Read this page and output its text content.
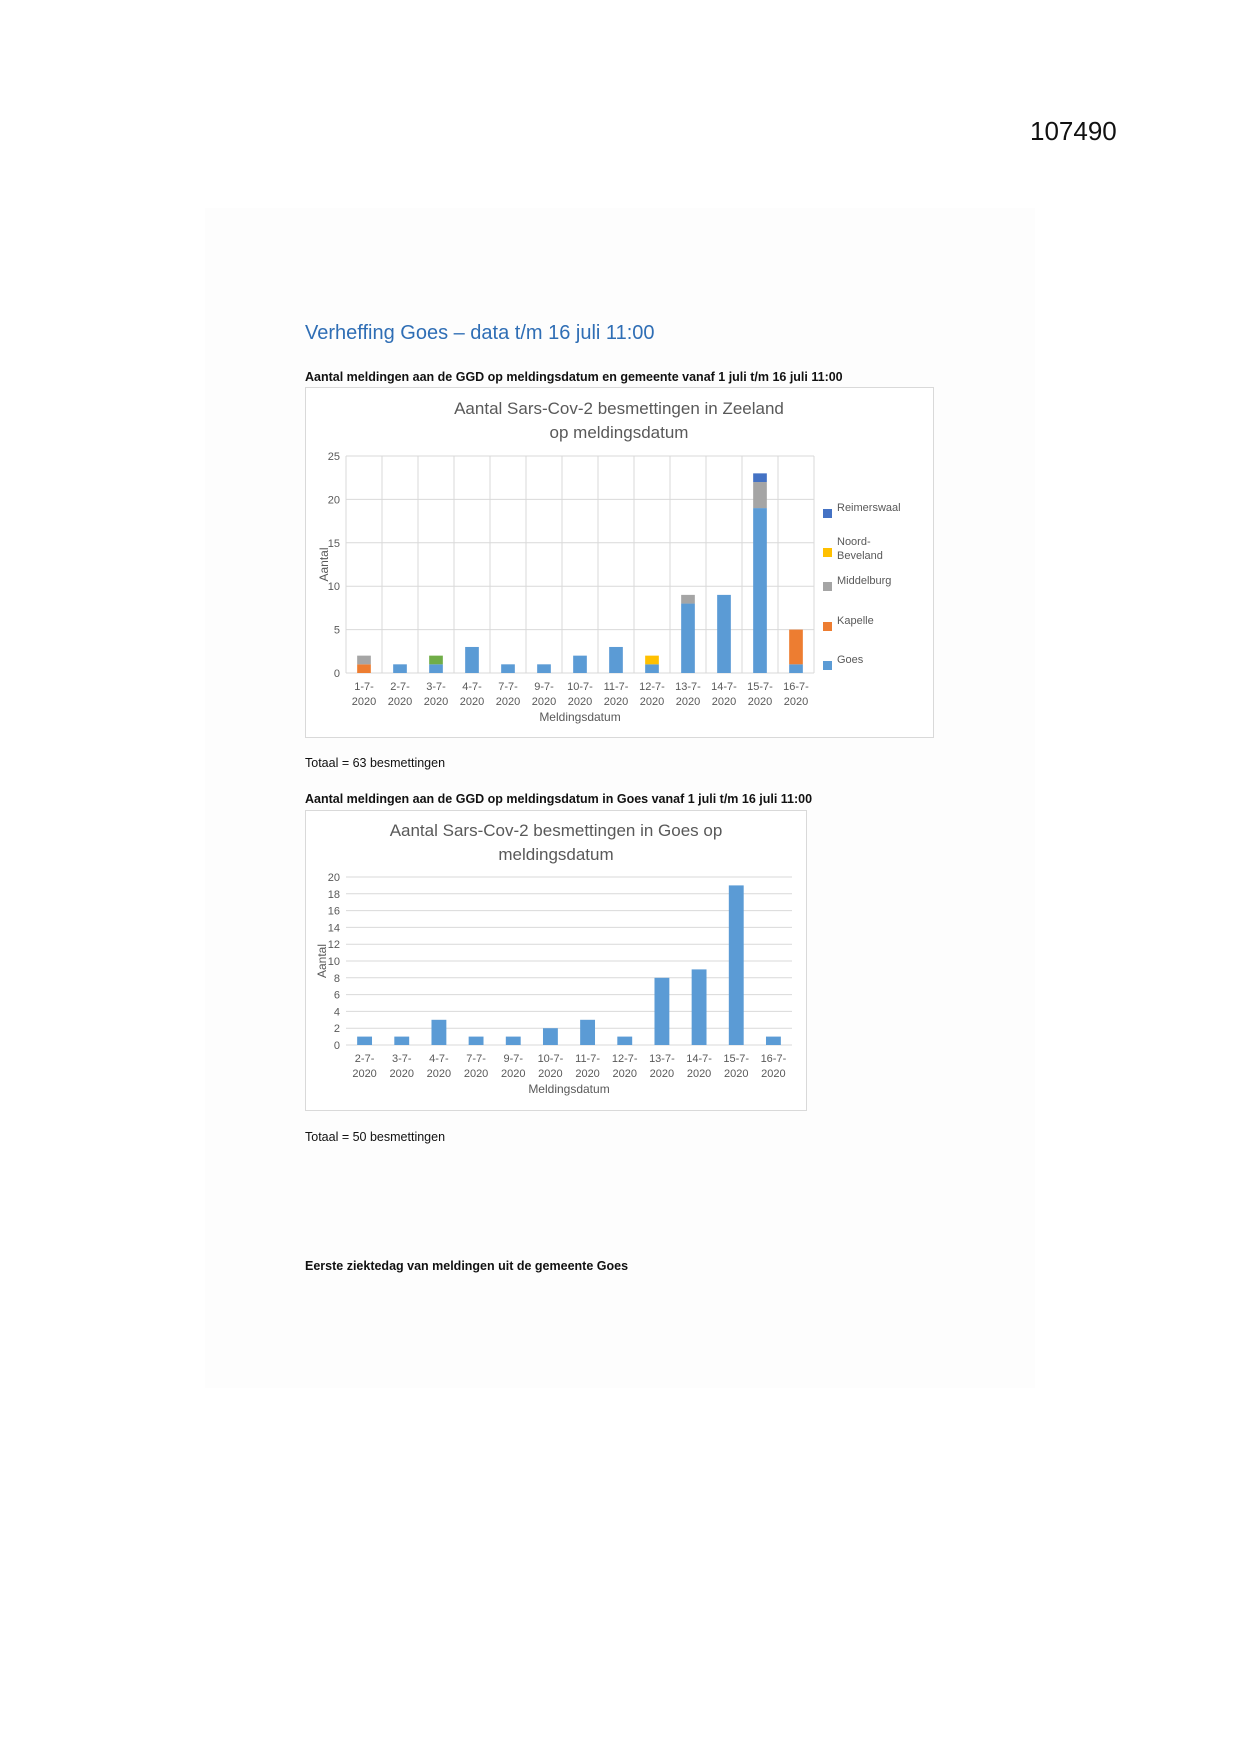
107490
Verheffing Goes – data t/m 16 juli 11:00
Aantal meldingen aan de GGD op meldingsdatum en gemeente vanaf 1 juli t/m 16 juli 11:00
Aantal Sars-Cov-2 besmettingen in Zeeland
op meldingsdatum
0
5
10
15
20
25
1-7-
2020
2-7-
2020
3-7-
2020
4-7-
2020
7-7-
2020
9-7-
2020
10-7-
2020
11-7-
2020
12-7-
2020
13-7-
2020
14-7-
2020
15-7-
2020
16-7-
2020
Meldingsdatum
Aantal
Reimerswaal
Noord-
Beveland
Middelburg
Kapelle
Goes
Totaal = 63 besmettingen
Aantal meldingen aan de GGD op meldingsdatum in Goes vanaf 1 juli t/m 16 juli 11:00
Aantal Sars-Cov-2 besmettingen in Goes op
meldingsdatum
0
2
4
6
8
10
12
14
16
18
20
2-7-
2020
3-7-
2020
4-7-
2020
7-7-
2020
9-7-
2020
10-7-
2020
11-7-
2020
12-7-
2020
13-7-
2020
14-7-
2020
15-7-
2020
16-7-
2020
Meldingsdatum
Aantal
Totaal = 50 besmettingen
Eerste ziektedag van meldingen uit de gemeente Goes
